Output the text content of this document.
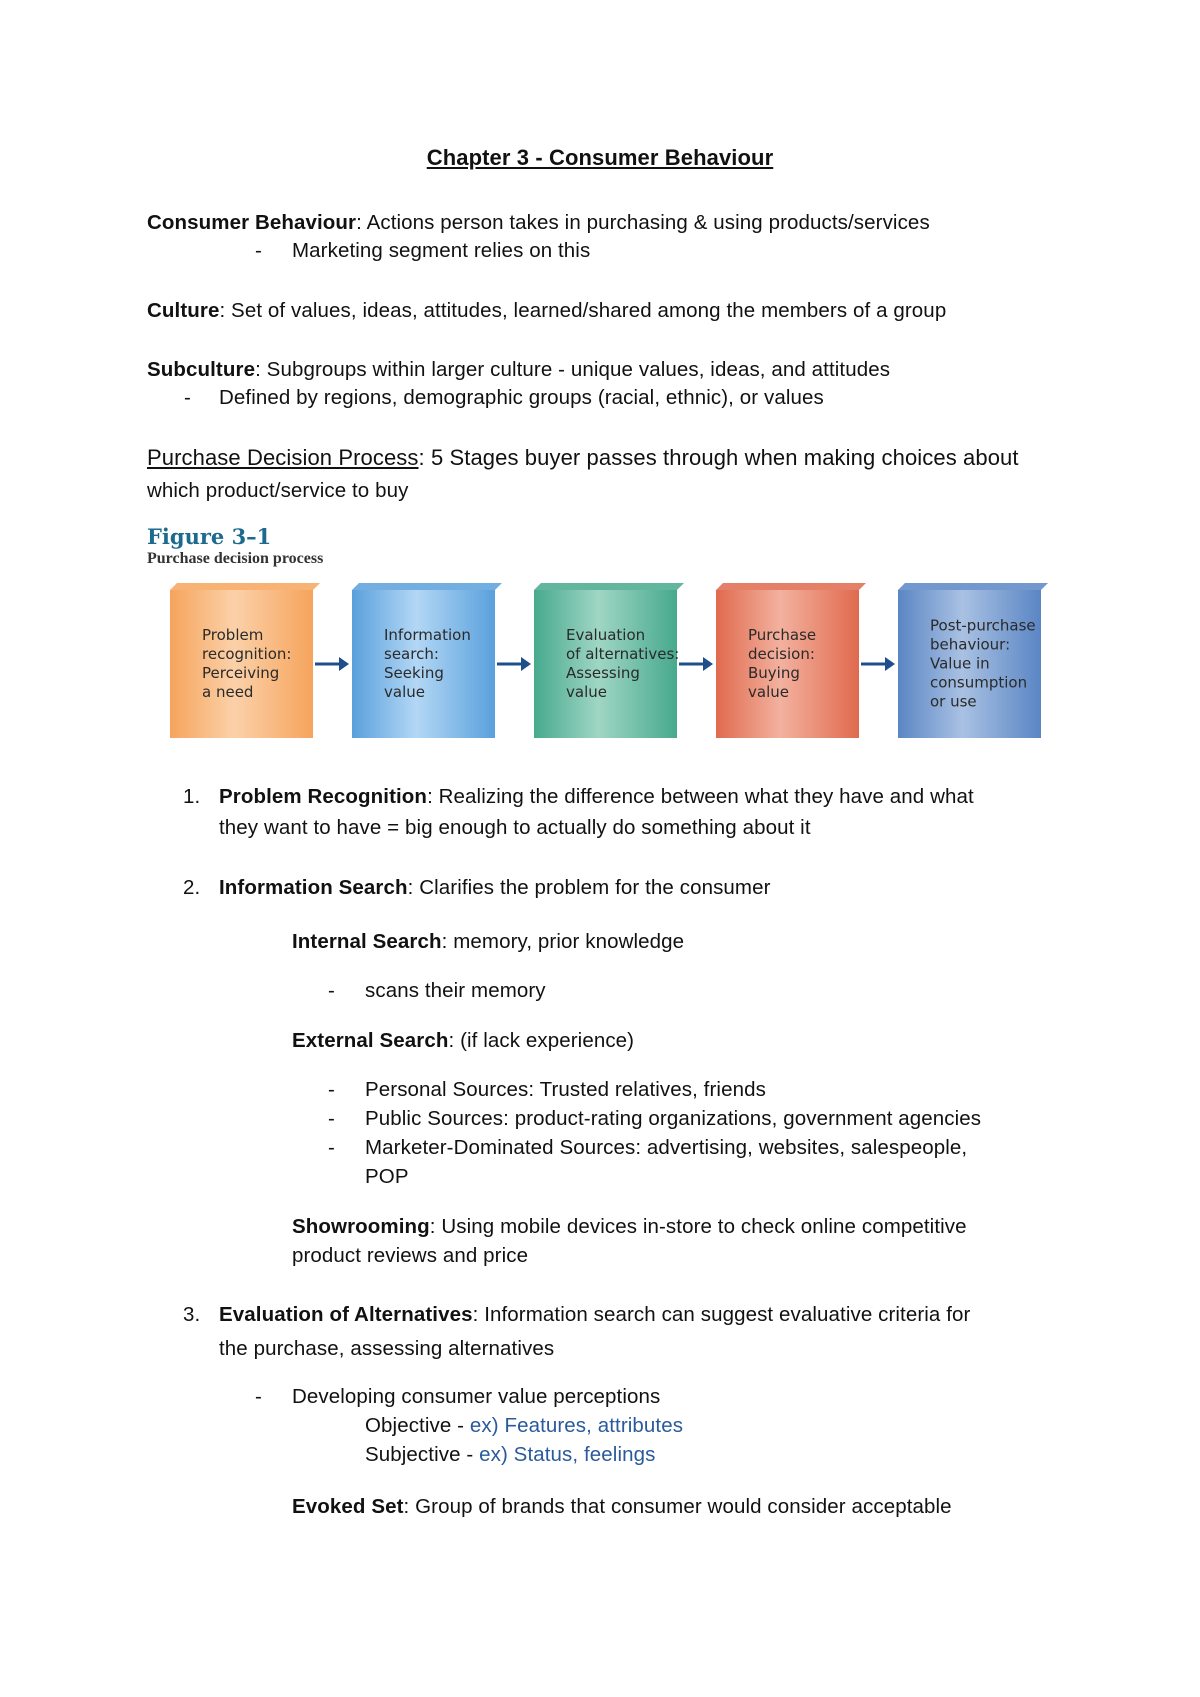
Chapter 3 - Consumer Behaviour
Consumer Behaviour: Actions person takes in purchasing & using products/services
- Marketing segment relies on this
Culture: Set of values, ideas, attitudes, learned/shared among the members of a group
Subculture: Subgroups within larger culture - unique values, ideas, and attitudes
- Defined by regions, demographic groups (racial, ethnic), or values
Purchase Decision Process: 5 Stages buyer passes through when making choices about
which product/service to buy
Figure 3–1
Purchase decision process
Problem
recognition:
Perceiving
a need
Information
search:
Seeking
value
Evaluation
of alternatives:
Assessing
value
Purchase
decision:
Buying
value
Post-purchase
behaviour:
Value in
consumption
or use
1. Problem Recognition: Realizing the difference between what they have and what
they want to have = big enough to actually do something about it
2. Information Search: Clarifies the problem for the consumer
Internal Search: memory, prior knowledge
- scans their memory
External Search: (if lack experience)
- Personal Sources: Trusted relatives, friends
- Public Sources: product-rating organizations, government agencies
- Marketer-Dominated Sources: advertising, websites, salespeople,
POP
Showrooming: Using mobile devices in-store to check online competitive
product reviews and price
3. Evaluation of Alternatives: Information search can suggest evaluative criteria for
the purchase, assessing alternatives
- Developing consumer value perceptions
Objective - ex) Features, attributes
Subjective - ex) Status, feelings
Evoked Set: Group of brands that consumer would consider acceptable
